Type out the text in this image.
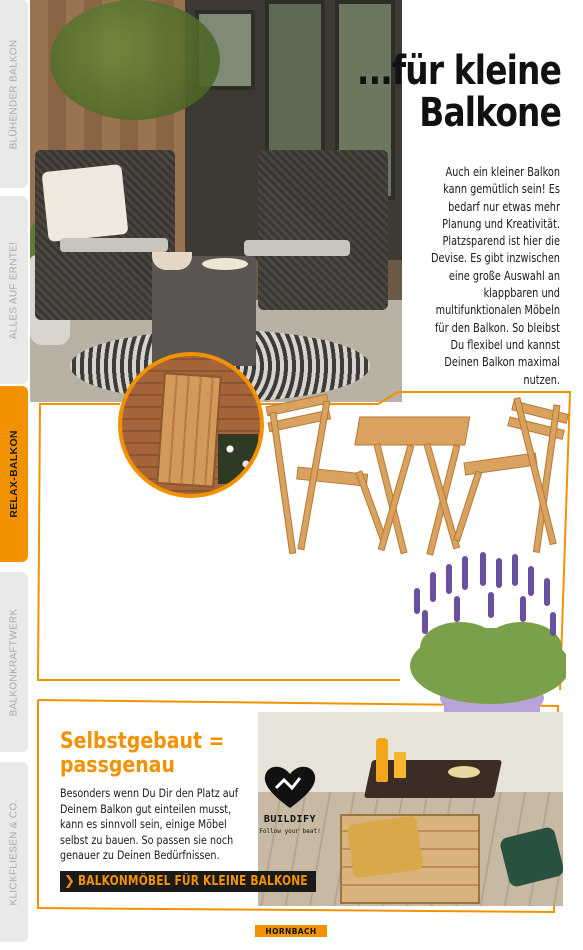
BLÜHENDER BALKON
ALLES AUF ERNTE!
RELAX-BALKON
BALKONKRAFTWERK
KLICKFLIESEN & CO.
...für kleine
Balkone

Auch ein kleiner Balkon kann gemütlich sein! Es bedarf nur etwas mehr Planung und Kreativität. Platzsparend ist hier die Devise. Es gibt inzwischen eine große Auswahl an klappbaren und multifunktionalen Möbeln für den Balkon. So bleibst Du flexibel und kannst Deinen Balkon maximal nutzen.

BUILDIFY
Follow your beat!
Selbstgebaut =
passgenau

Besonders wenn Du Dir den Platz auf Deinem Balkon gut einteilen musst, kann es sinnvoll sein, einige Möbel selbst zu bauen. So passen sie noch genauer zu Deinen Bedürfnissen.

❯ BALKONMÖBEL FÜR KLEINE BALKONE
HORNBACH
